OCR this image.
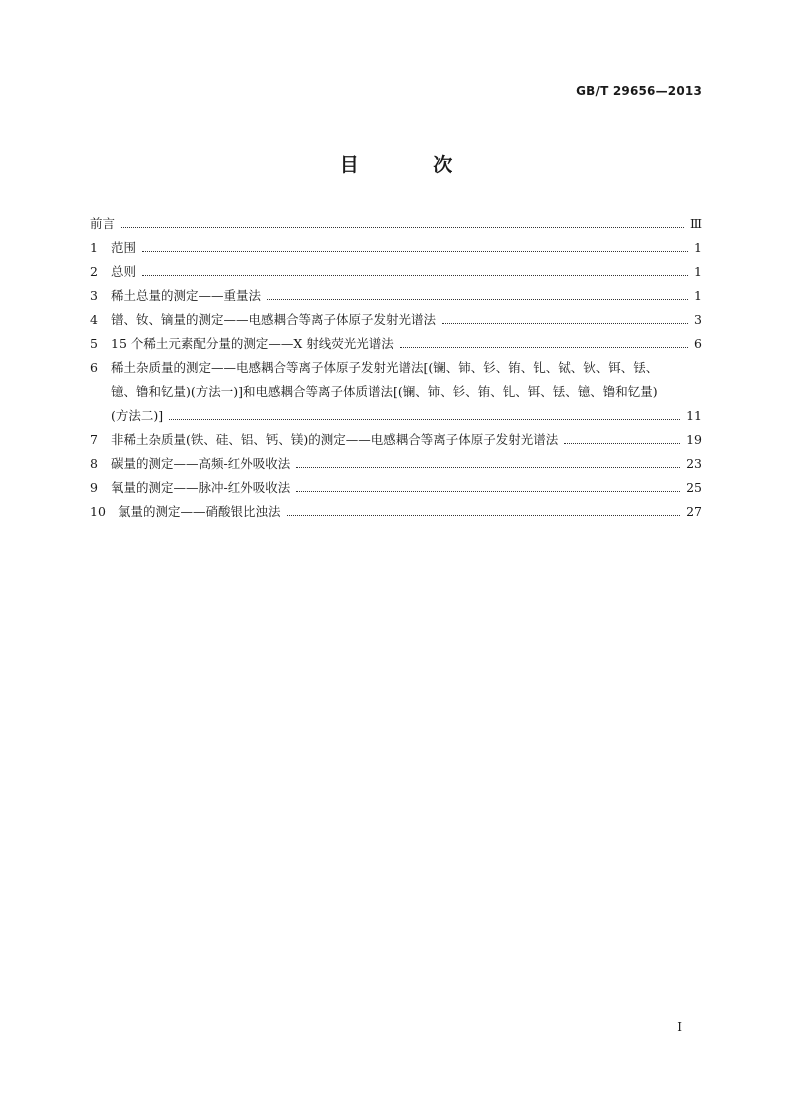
GB/T 29656—2013
目 次
前言	Ⅲ
1 范围	1
2 总则	1
3 稀土总量的测定——重量法	1
4 镨、钕、镝量的测定——电感耦合等离子体原子发射光谱法	3
5 15 个稀土元素配分量的测定——X 射线荧光光谱法	6
6 稀土杂质量的测定——电感耦合等离子体原子发射光谱法[(镧、铈、钐、铕、钆、铽、钬、铒、铥、
镱、镥和钇量)(方法一)]和电感耦合等离子体质谱法[(镧、铈、钐、铕、钆、铒、铥、镱、镥和钇量)
(方法二)]	11
7 非稀土杂质量(铁、硅、铝、钙、镁)的测定——电感耦合等离子体原子发射光谱法	19
8 碳量的测定——高频-红外吸收法	23
9 氧量的测定——脉冲-红外吸收法	25
10 氯量的测定——硝酸银比浊法	27
I
